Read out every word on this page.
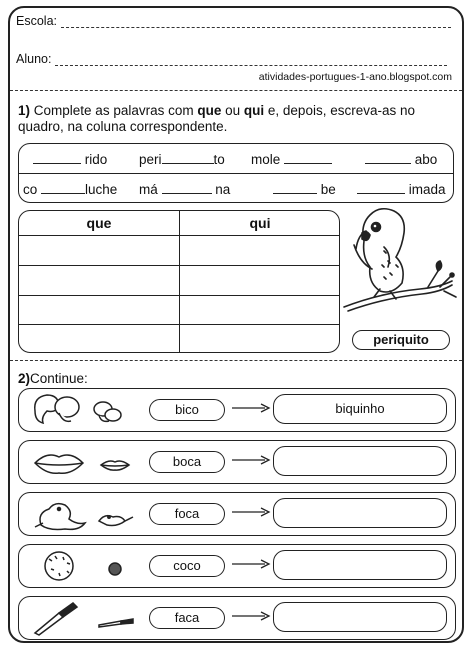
Escola:
Aluno:
atividades-portugues-1-ano.blogspot.com
1) Complete as palavras com que ou qui e, depois, escreva-as no quadro, na coluna correspondente.
rido peri	to mole	abo
co	luche má	na	be	imada
que	qui
periquito
2)Continue:
bico	biquinho
boca
foca
coco
faca
